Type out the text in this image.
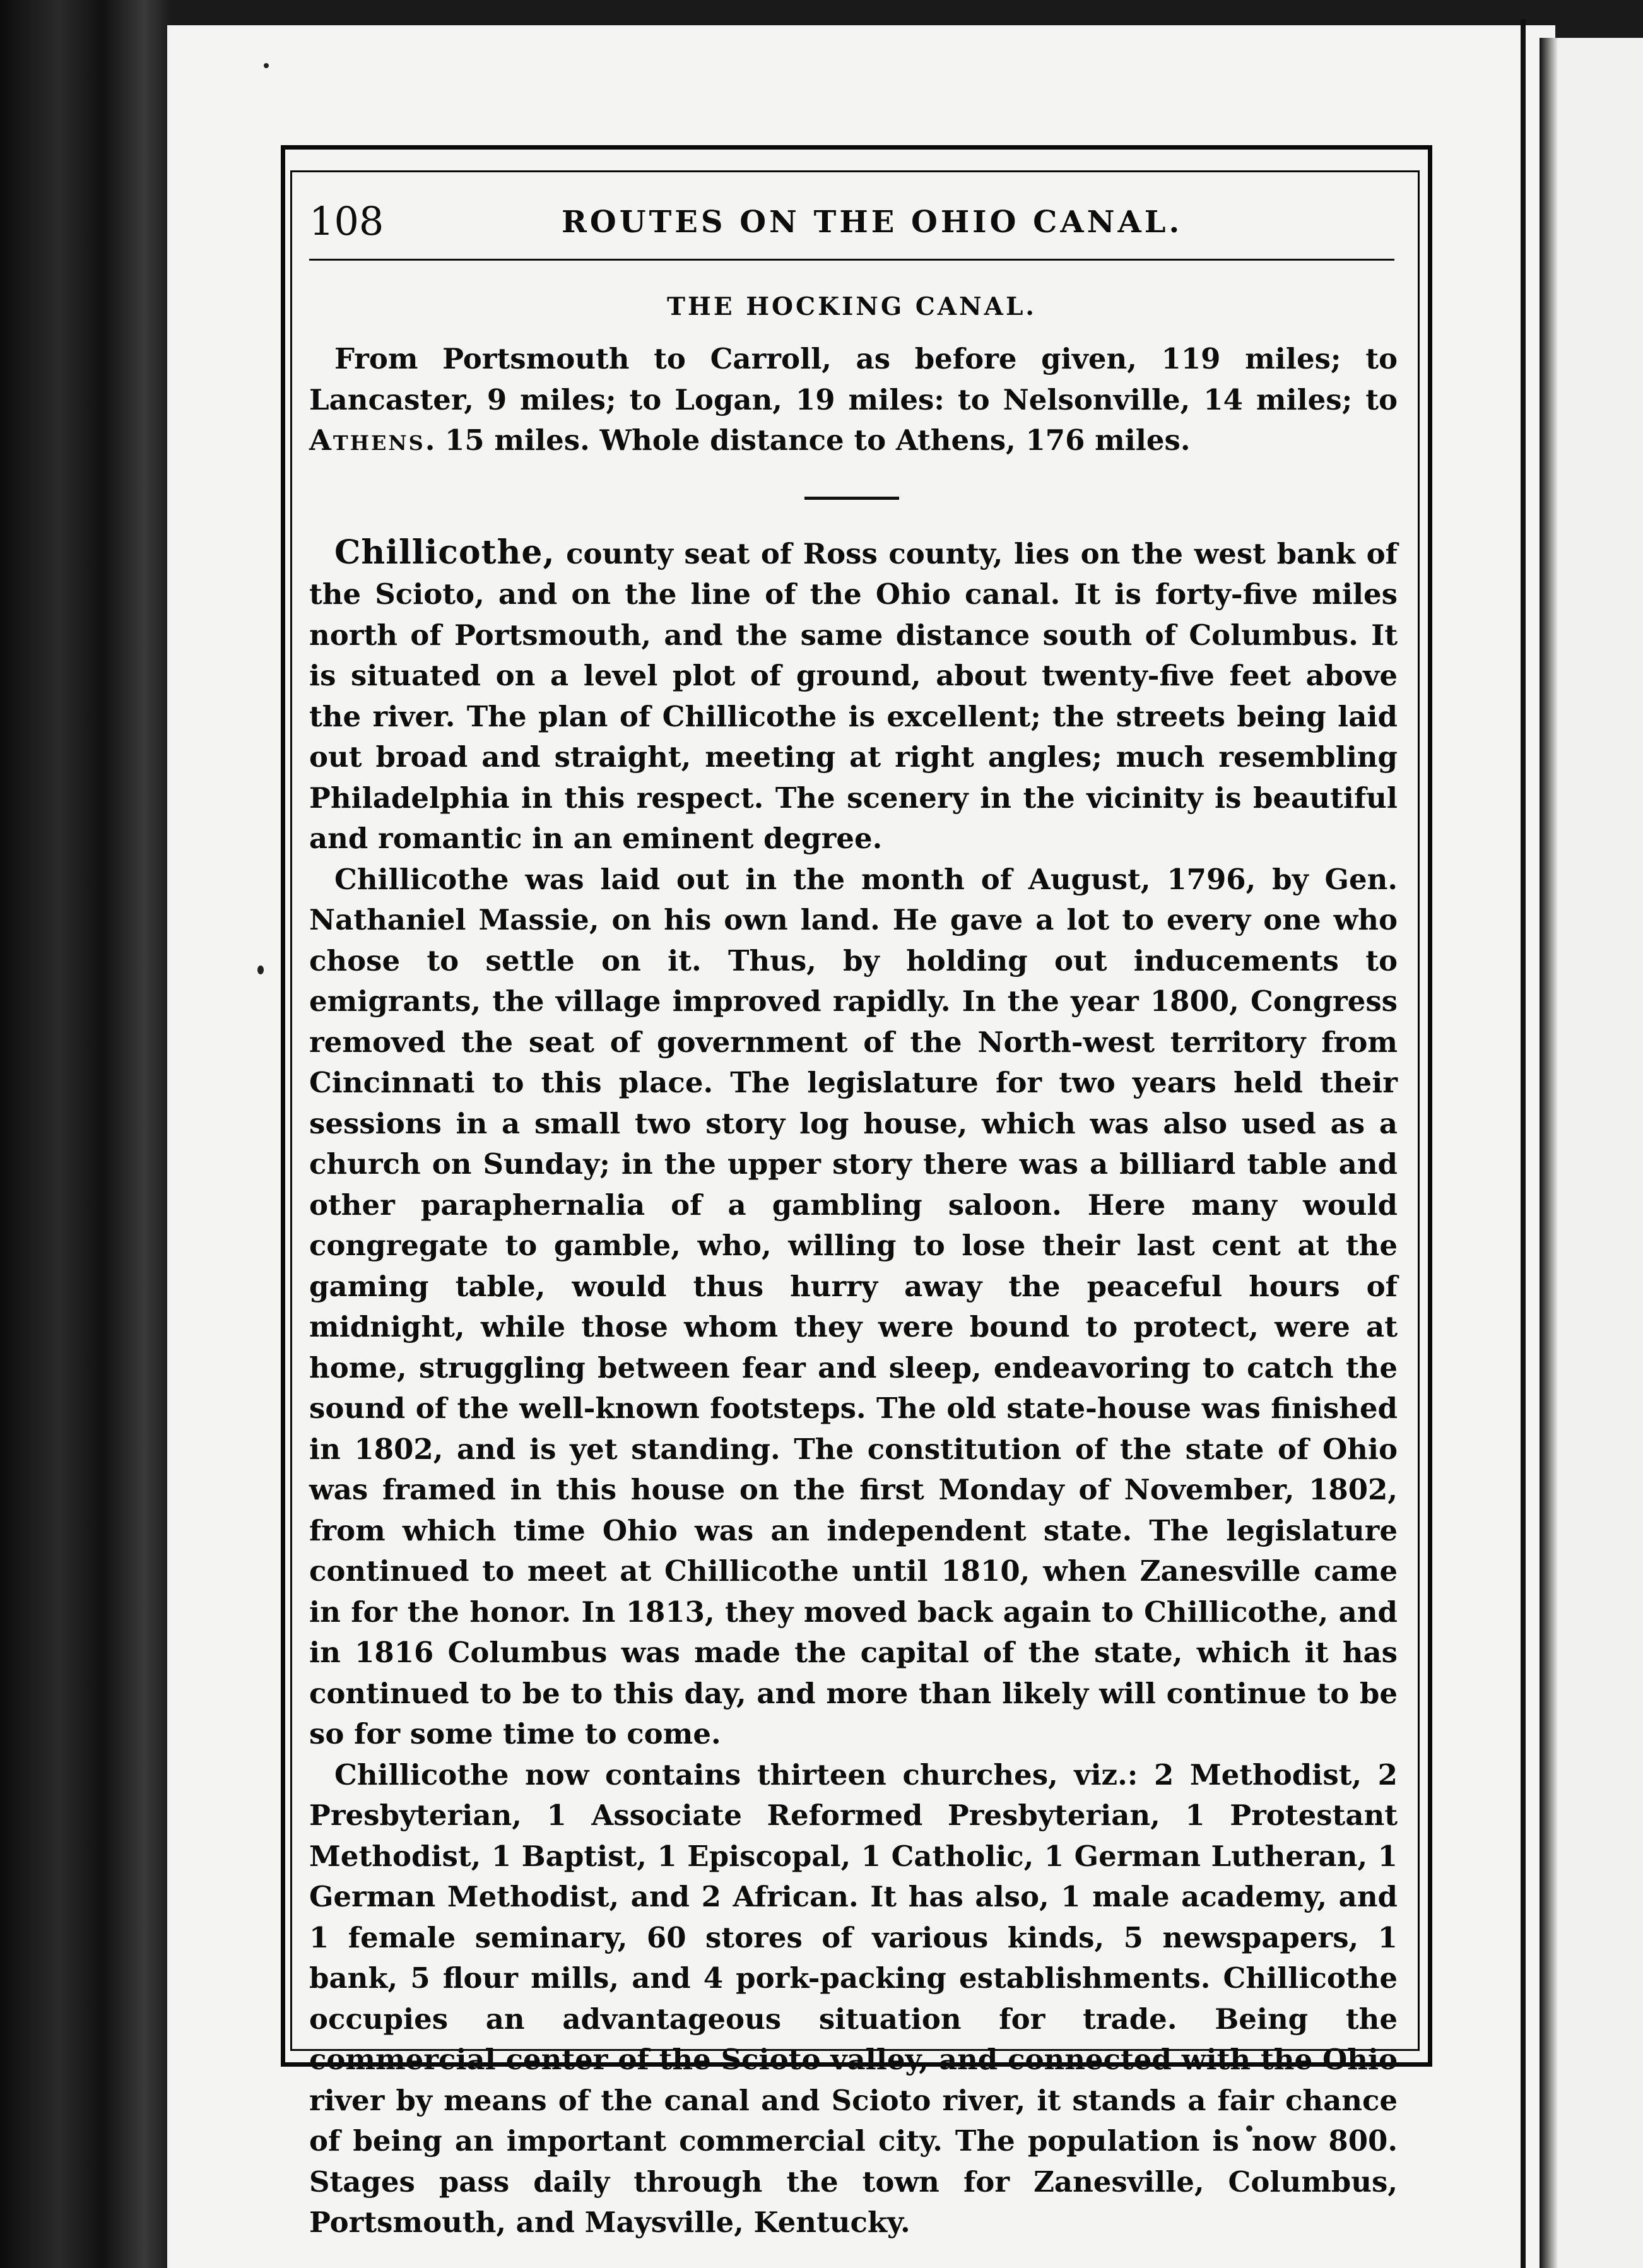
108	ROUTES ON THE OHIO CANAL.
THE HOCKING CANAL.

From Portsmouth to Carroll, as before given, 119 miles; to Lancaster, 9 miles; to Logan, 19 miles: to Nelsonville, 14 miles; to Athens. 15 miles. Whole distance to Athens, 176 miles.

Chillicothe, county seat of Ross county, lies on the west bank of the Scioto, and on the line of the Ohio canal. It is forty-five miles north of Portsmouth, and the same distance south of Columbus. It is situated on a level plot of ground, about twenty-five feet above the river. The plan of Chillicothe is excellent; the streets being laid out broad and straight, meeting at right angles; much resembling Philadelphia in this respect. The scenery in the vicinity is beautiful and romantic in an eminent degree.

Chillicothe was laid out in the month of August, 1796, by Gen. Nathaniel Massie, on his own land. He gave a lot to every one who chose to settle on it. Thus, by holding out inducements to emigrants, the village improved rapidly. In the year 1800, Congress removed the seat of government of the North-west territory from Cincinnati to this place. The legislature for two years held their sessions in a small two story log house, which was also used as a church on Sunday; in the upper story there was a billiard table and other paraphernalia of a gambling saloon. Here many would congregate to gamble, who, willing to lose their last cent at the gaming table, would thus hurry away the peaceful hours of midnight, while those whom they were bound to protect, were at home, struggling between fear and sleep, endeavoring to catch the sound of the well-known footsteps. The old state-house was finished in 1802, and is yet standing. The constitution of the state of Ohio was framed in this house on the first Monday of November, 1802, from which time Ohio was an independent state. The legislature continued to meet at Chillicothe until 1810, when Zanesville came in for the honor. In 1813, they moved back again to Chillicothe, and in 1816 Columbus was made the capital of the state, which it has continued to be to this day, and more than likely will continue to be so for some time to come.

Chillicothe now contains thirteen churches, viz.: 2 Methodist, 2 Presbyterian, 1 Associate Reformed Presbyterian, 1 Protestant Methodist, 1 Baptist, 1 Episcopal, 1 Catholic, 1 German Lutheran, 1 German Methodist, and 2 African. It has also, 1 male academy, and 1 female seminary, 60 stores of various kinds, 5 newspapers, 1 bank, 5 flour mills, and 4 pork-packing establishments. Chillicothe occupies an advantageous situation for trade. Being the commercial center of the Scioto valley, and connected with the Ohio river by means of the canal and Scioto river, it stands a fair chance of being an important commercial city. The population is now 800. Stages pass daily through the town for Zanesville, Columbus, Portsmouth, and Maysville, Kentucky.
